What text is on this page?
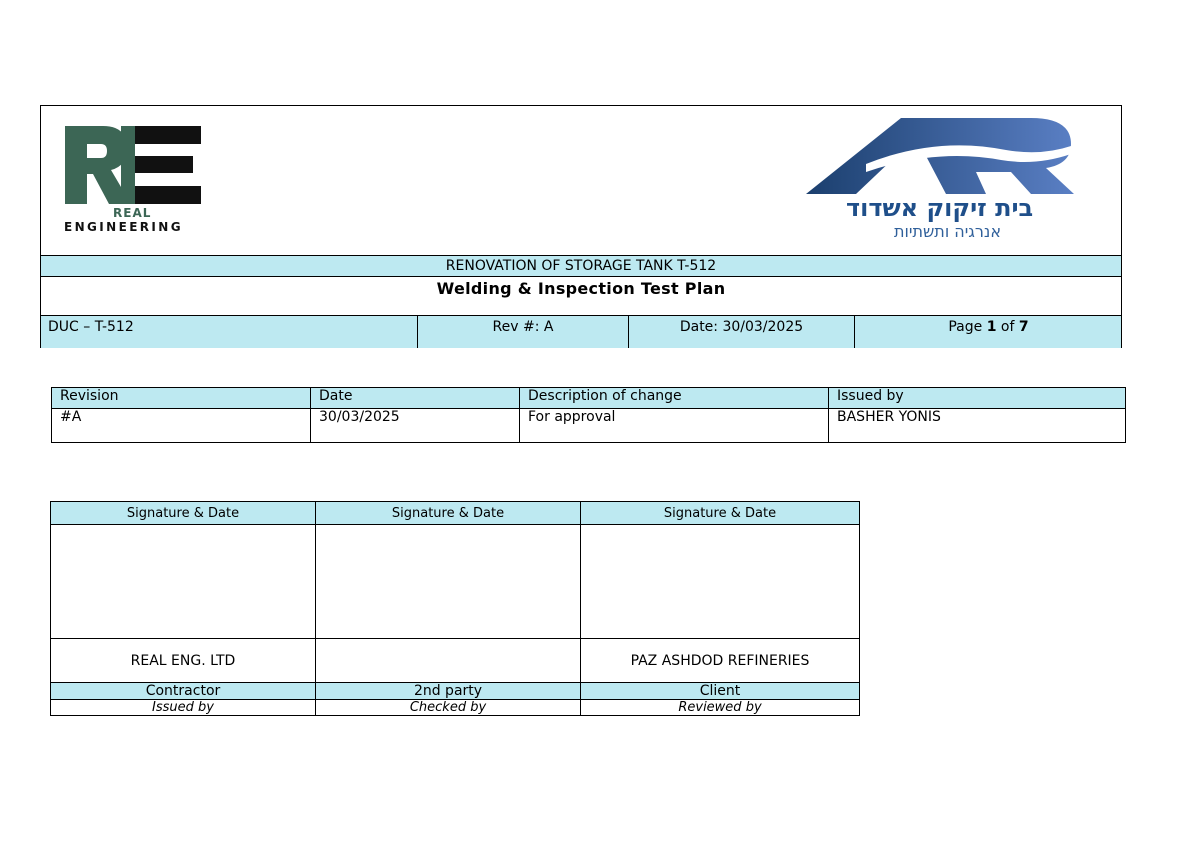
REAL
ENGINEERING
בית זיקוק אשדוד
אנרגיה ותשתיות
RENOVATION OF STORAGE TANK T-512
Welding & Inspection Test Plan
DUC – T-512	Rev #: A	Date: 30/03/2025	Page 1 of 7
Revision	Date	Description of change	Issued by
#A	30/03/2025	For approval	BASHER YONIS
Signature & Date	Signature & Date	Signature & Date

REAL ENG. LTD		PAZ ASHDOD REFINERIES
Contractor	2nd party	Client
Issued by	Checked by	Reviewed by
